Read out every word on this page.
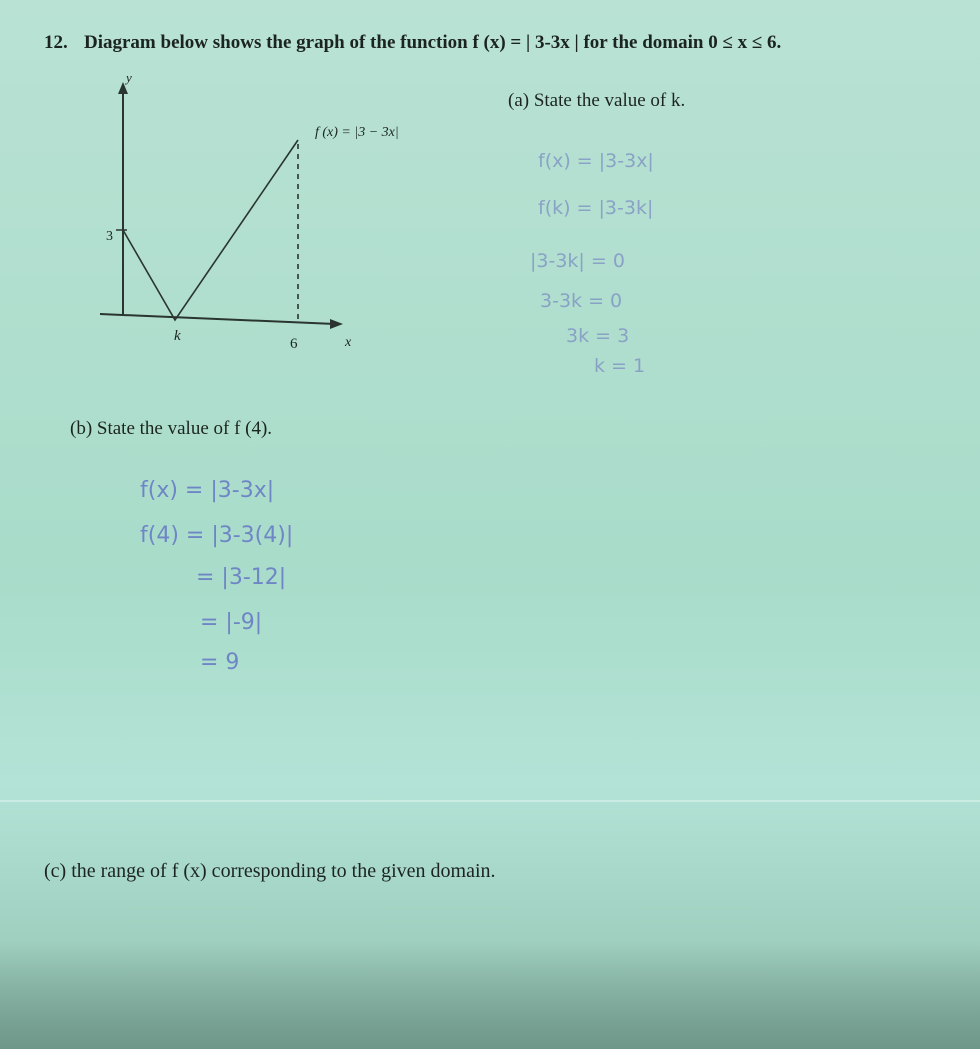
12. Diagram below shows the graph of the function f (x) = | 3-3x | for the domain 0 ≤ x ≤ 6.
y
x
f (x) = |3 − 3x|
3
k	6
(a) State the value of k.
f(x) = |3-3x|
f(k) = |3-3k|
|3-3k| = 0
3-3k = 0
3k = 3
k = 1
(b) State the value of f (4).
f(x) = |3-3x|
f(4) = |3-3(4)|
= |3-12|
= |-9|
= 9
(c) the range of f (x) corresponding to the given domain.
